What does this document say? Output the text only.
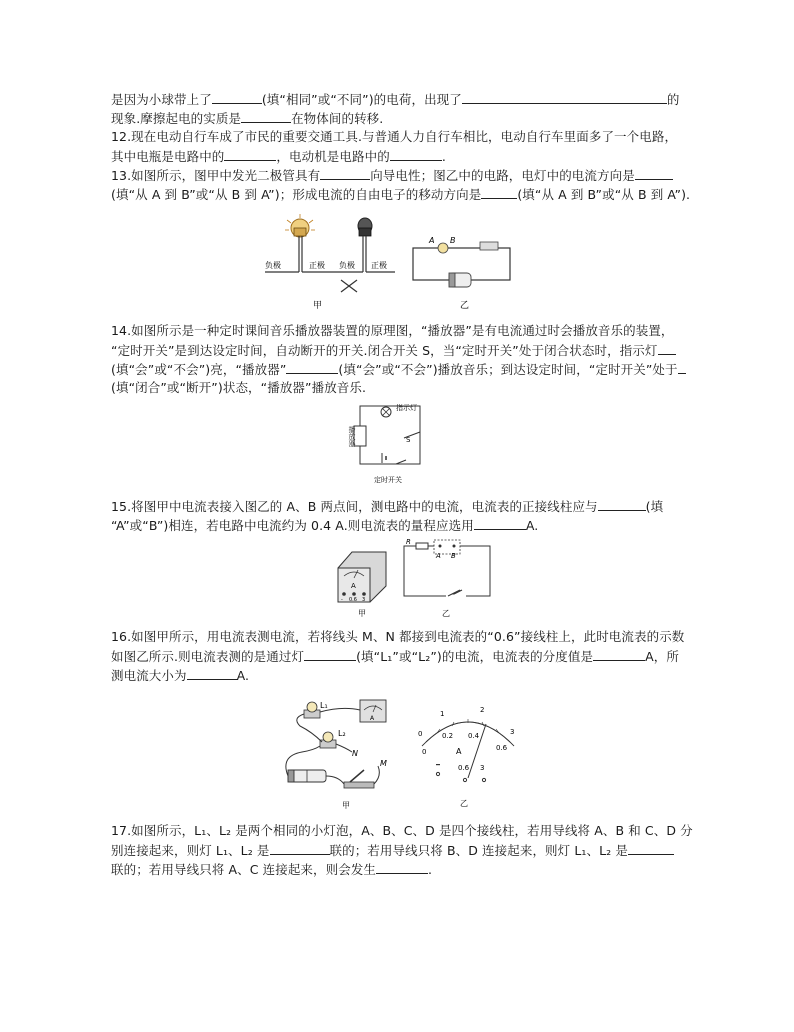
是因为小球带上了	(填“相同”或“不同”)的电荷，出现了	的
现象.摩擦起电的实质是	在物体间的转移.
12.现在电动自行车成了市民的重要交通工具.与普通人力自行车相比，电动自行车里面多了一个电路，
其中电瓶是电路中的	，电动机是电路中的	.
13.如图所示，图甲中发光二极管具有	向导电性；图乙中的电路，电灯中的电流方向是
(填“从 A 到 B”或“从 B 到 A”)；形成电流的自由电子的移动方向是	(填“从 A 到 B”或“从 B 到 A”).
负极	正极 负极 正极
甲
A B
乙
14.如图所示是一种定时课间音乐播放器装置的原理图，“播放器”是有电流通过时会播放音乐的装置，
“定时开关”是到达设定时间，自动断开的开关.闭合开关 S，当“定时开关”处于闭合状态时，指示灯
(填“会”或“不会”)亮，“播放器”	(填“会”或“不会”)播放音乐；到达设定时间，“定时开关”处于
(填“闭合”或“断开”)状态，“播放器”播放音乐.
指示灯
S
定时开关
播放器
15.将图甲中电流表接入图乙的 A、B 两点间，测电路中的电流，电流表的正接线柱应与	(填
“A”或“B”)相连，若电路中电流约为 0.4 A.则电流表的量程应选用	A.
A
- 0.6 3
甲
R
A B
乙
16.如图甲所示，用电流表测电流，若将线头 M、N 都接到电流表的“0.6”接线柱上，此时电流表的示数
如图乙所示.则电流表测的是通过灯	(填“L₁”或“L₂”)的电流，电流表的分度值是	A，所
测电流大小为	A.
L₁
L₂
A
N
M
甲
0
1	2
3
0
0.2 0.4
0.6
A
0.6 3
乙
17.如图所示，L₁、L₂ 是两个相同的小灯泡，A、B、C、D 是四个接线柱，若用导线将 A、B 和 C、D 分
别连接起来，则灯 L₁、L₂ 是	联的；若用导线只将 B、D 连接起来，则灯 L₁、L₂ 是
联的；若用导线只将 A、C 连接起来，则会发生	.
